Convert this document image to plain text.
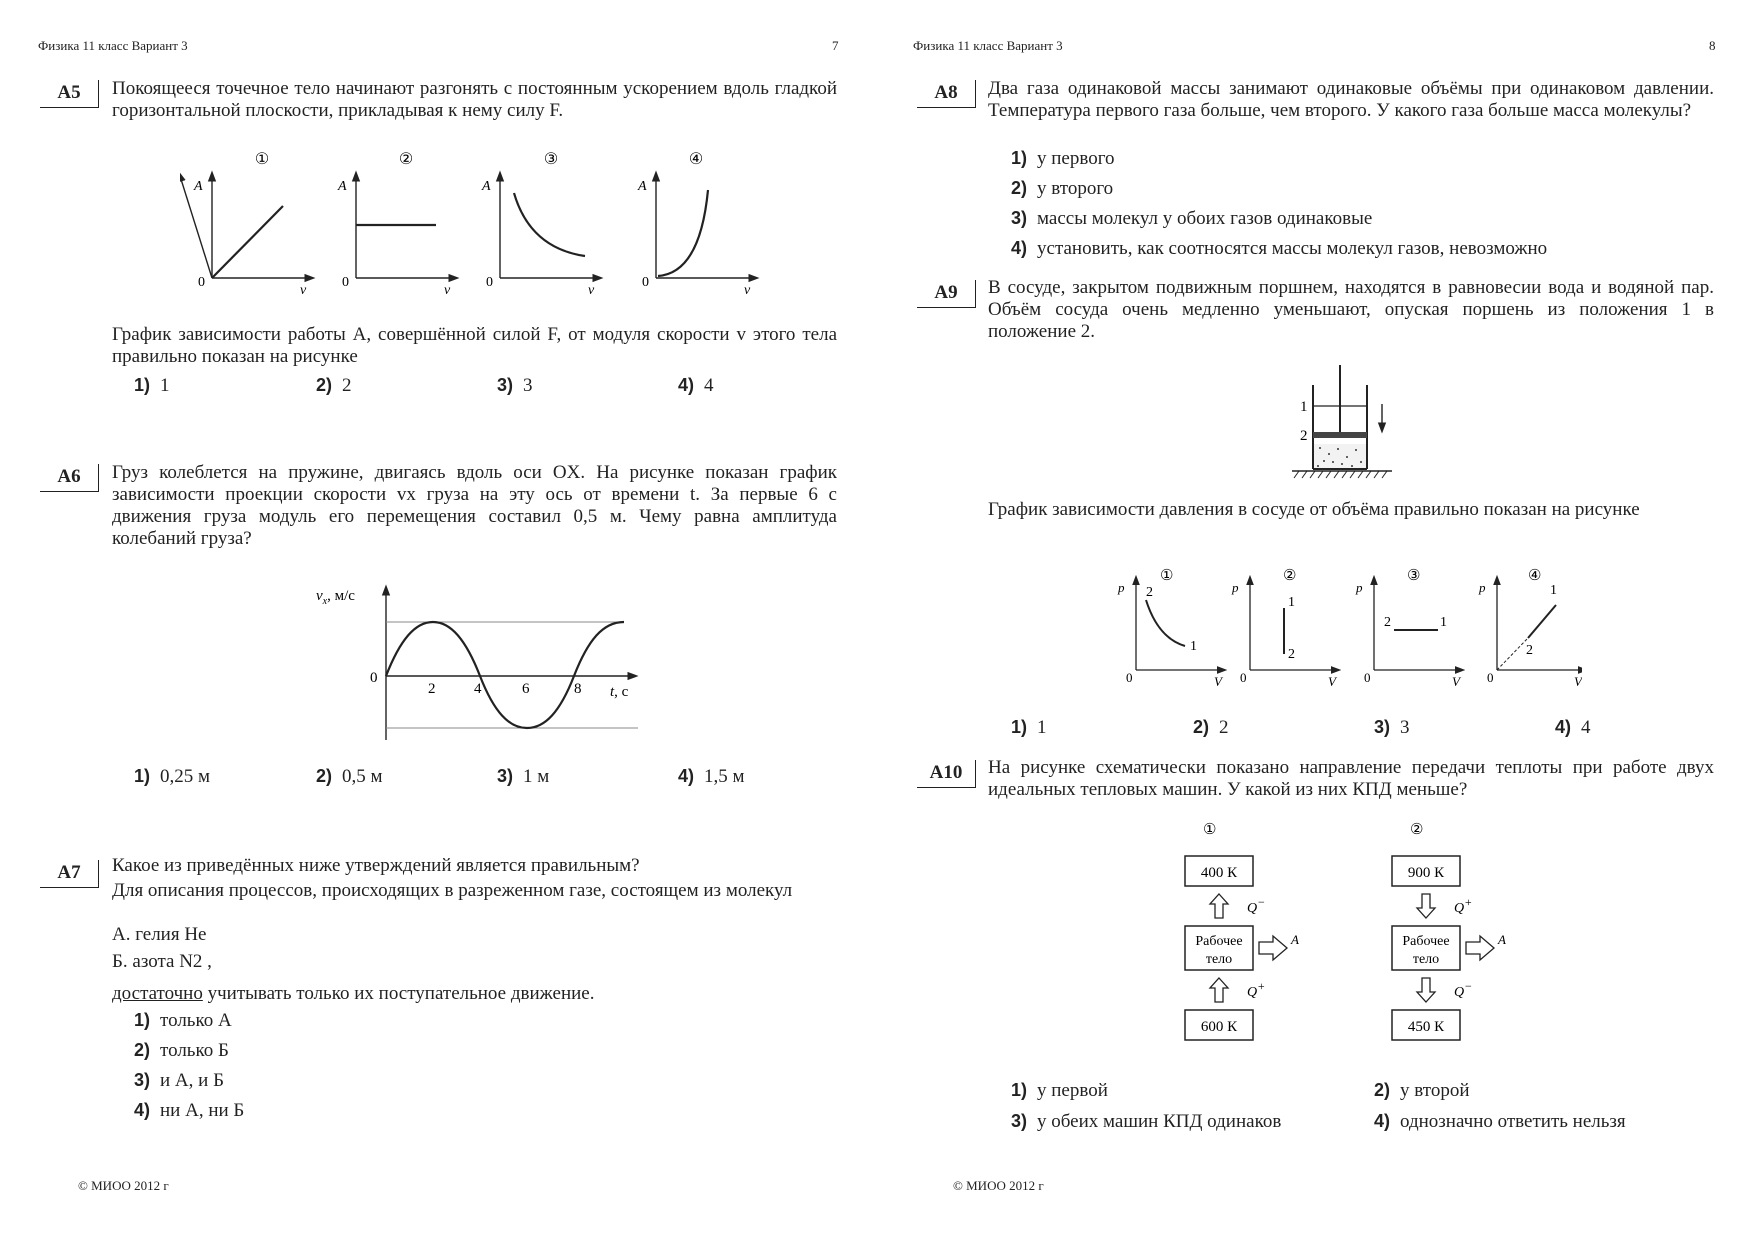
Физика 11 класс Вариант 3	7
А5	Покоящееся точечное тело начинают разгонять с постоянным ускорением вдоль гладкой горизонтальной плоскости, прикладывая к нему силу F.
①
A
0
v
②
A
0
v
③
A
0
v
④
A
0
v
График зависимости работы A, совершённой силой F, от модуля скорости v этого тела правильно показан на рисунке
1) 1	2) 2	3) 3	4) 4
А6	Груз колеблется на пружине, двигаясь вдоль оси OX. На рисунке показан график зависимости проекции скорости vx груза на эту ось от времени t. За первые 6 с движения груза модуль его перемещения составил 0,5 м. Чему равна амплитуда колебаний груза?
$v_x$, м/с
0
2	4	6	8 t, с
1) 0,25 м	2) 0,5 м	3) 1 м	4) 1,5 м
А7	Какое из приведённых ниже утверждений является правильным?
Для описания процессов, происходящих в разреженном газе, состоящем из молекул
А. гелия He
Б. азота N2 ,
достаточно учитывать только их поступательное движение.
1) только А
2) только Б
3) и А, и Б
4) ни А, ни Б
© МИОО 2012 г
Физика 11 класс Вариант 3	8
А8	Два газа одинаковой массы занимают одинаковые объёмы при одинаковом давлении. Температура первого газа больше, чем второго. У какого газа больше масса молекулы?
1) у первого
2) у второго
3) массы молекул у обоих газов одинаковые
4) установить, как соотносятся массы молекул газов, невозможно
А9	В сосуде, закрытом подвижным поршнем, находятся в равновесии вода и водяной пар. Объём сосуда очень медленно уменьшают, опуская поршень из положения 1 в положение 2.
1
2
График зависимости давления в сосуде от объёма правильно показан на рисунке
①
p 2
1
0	V
②
p
1
2
0	V
③
p
2	1
0	V
④
p	1
2
0	V
1) 1	2) 2	3) 3	4) 4
А10	На рисунке схематически показано направление передачи теплоты при работе двух идеальных тепловых машин. У какой из них КПД меньше?
①
400 К
Q−
Рабочее
тело
A
Q+
600 К
②
900 К
Q+
Рабочее
тело
A
Q−
450 К
1) у первой	2) у второй
3) у обеих машин КПД одинаков	4) однозначно ответить нельзя
© МИОО 2012 г
